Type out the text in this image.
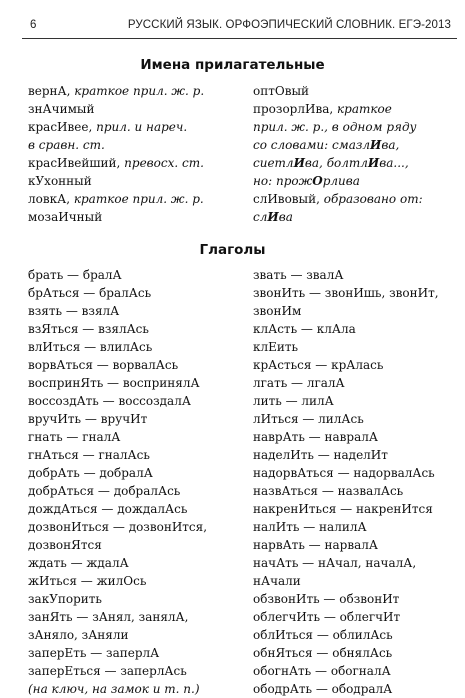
6	РУССКИЙ ЯЗЫК. ОРФОЭПИЧЕСКИЙ СЛОВНИК. ЕГЭ-2013
Имена прилагательные
вернА, краткое прил. ж. р.
знАчимый
красИвее, прил. и нареч.
в сравн. ст.
красИвейший, превосх. ст.
кУхонный
ловкА, краткое прил. ж. р.
мозаИчный
оптОвый
прозорлИва, краткое
прил. ж. р., в одном ряду
со словами: смазлИва,
сuетлИва, болтлИва...,
но: прожОрлива
слИвовый, образовано от:
слИва
Глаголы
брать — бралА
брАться — бралАсь
взять — взялА
взЯться — взялАсь
влИться — влилАсь
ворвАться — ворвалАсь
воспринЯть — воспринялА
воссоздАть — воссоздалА
вручИть — вручИт
гнать — гналА
гнАться — гналАсь
добрАть — добралА
добрАться — добралАсь
дождАться — дождалАсь
дозвонИться — дозвонИтся,
дозвонЯтся
ждать — ждалА
жИться — жилОсь
закУпорить
занЯть — зАнял, занялА,
зАняло, зАняли
заперЕть — заперлА
заперЕться — заперлАсь
(на ключ, на замок и т. п.)
звать — звалА
звонИть — звонИшь, звонИт,
звонИм
клАсть — клАла
клЕить
крАсться — крАлась
лгать — лгалА
лить — лилА
лИться — лилАсь
наврАть — навралА
наделИть — наделИт
надорвАться — надорвалАсь
назвАться — назвалАсь
накренИться — накренИтся
налИть — налилА
нарвАть — нарвалА
начАть — нАчал, началА,
нАчали
обзвонИть — обзвонИт
облегчИть — облегчИт
облИться — облилАсь
обнЯться — обнялАсь
обогнАть — обогналА
ободрАть — ободралА
